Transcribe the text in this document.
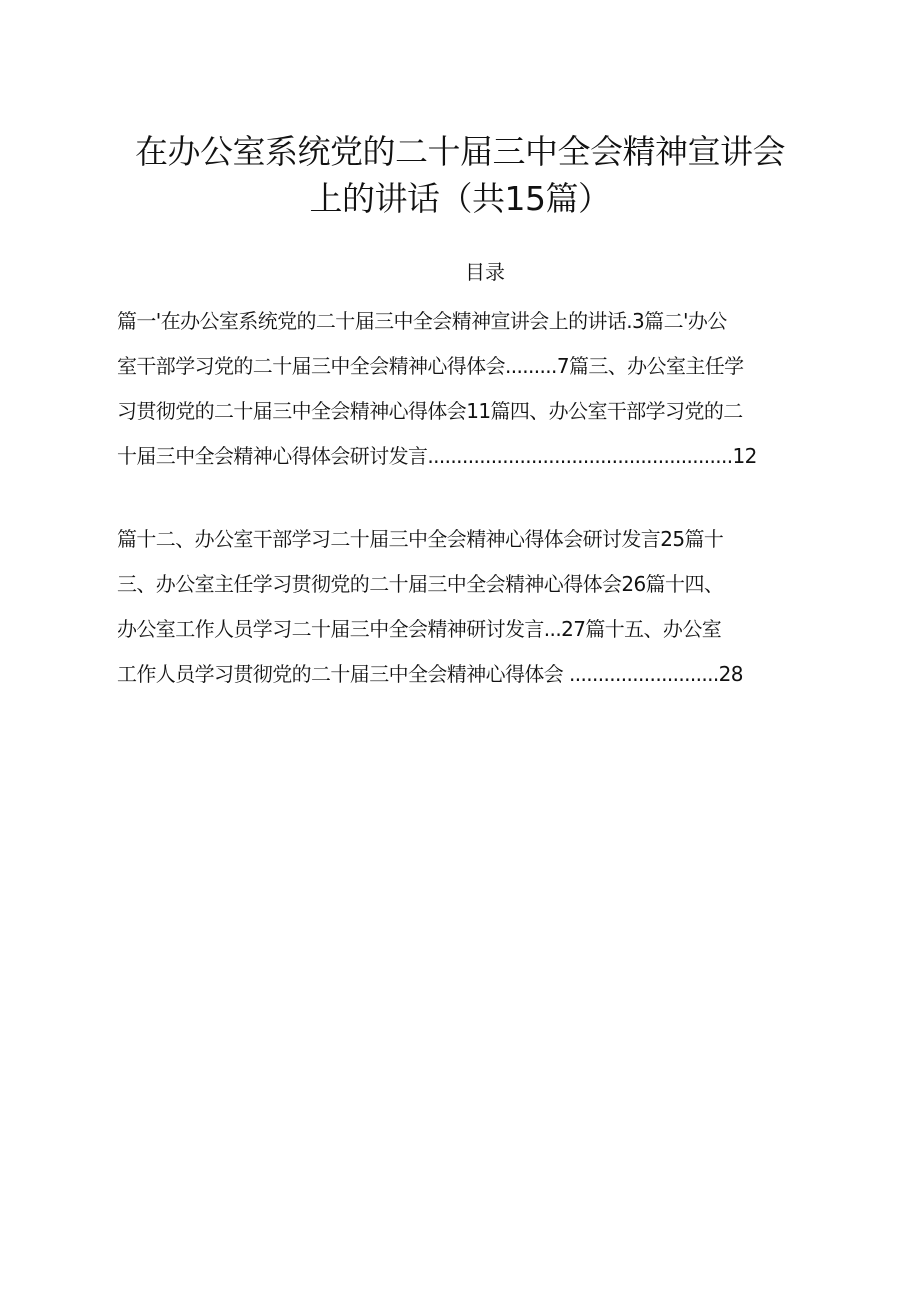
在办公室系统党的二十届三中全会精神宣讲会
上的讲话（共15篇）
目录
篇一'在办公室系统党的二十届三中全会精神宣讲会上的讲话.3篇二'办公
室干部学习党的二十届三中全会精神心得体会.........7篇三、办公室主任学
习贯彻党的二十届三中全会精神心得体会11篇四、办公室干部学习党的二
十届三中全会精神心得体会研讨发言.....................................................12
篇十二、办公室干部学习二十届三中全会精神心得体会研讨发言25篇十
三、办公室主任学习贯彻党的二十届三中全会精神心得体会26篇十四、
办公室工作人员学习二十届三中全会精神研讨发言...27篇十五、办公室
工作人员学习贯彻党的二十届三中全会精神心得体会 ..........................28
